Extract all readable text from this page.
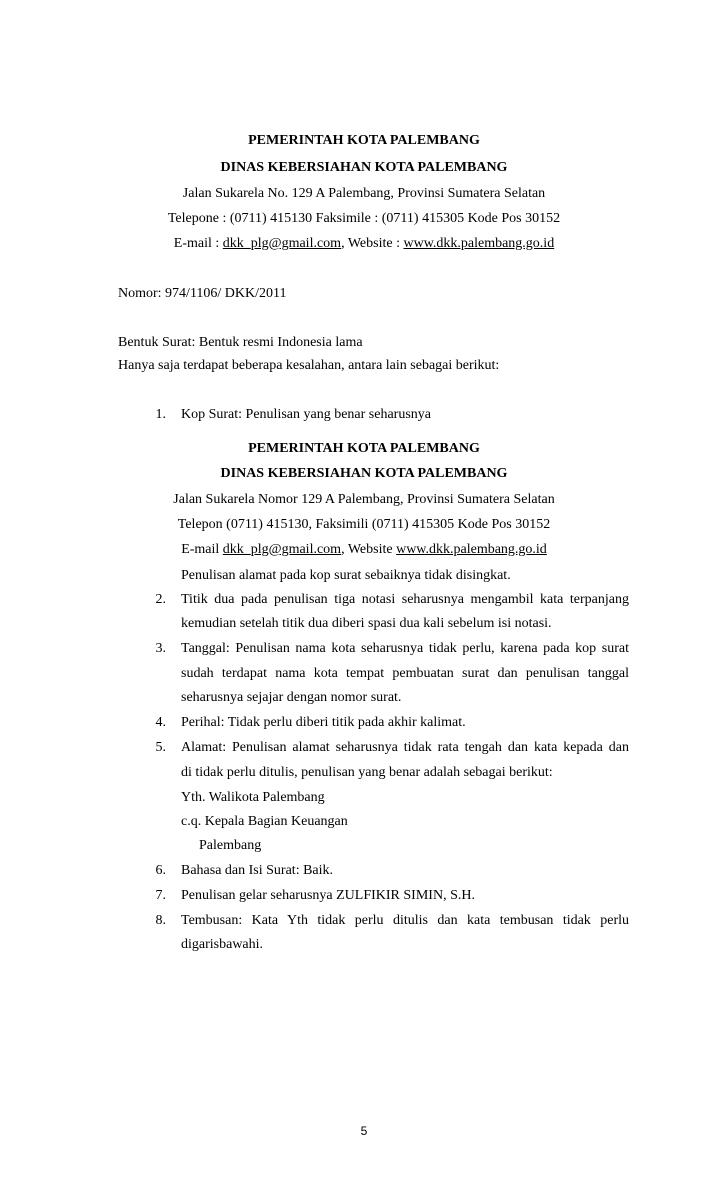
PEMERINTAH KOTA PALEMBANG
DINAS KEBERSIAHAN KOTA PALEMBANG
Jalan Sukarela No. 129 A Palembang, Provinsi Sumatera Selatan
Telepone : (0711) 415130 Faksimile : (0711) 415305 Kode Pos 30152
E-mail : dkk_plg@gmail.com, Website : www.dkk.palembang.go.id
Nomor: 974/1106/ DKK/2011
Bentuk Surat: Bentuk resmi Indonesia lama
Hanya saja terdapat beberapa kesalahan, antara lain sebagai berikut:
1. Kop Surat: Penulisan yang benar seharusnya
PEMERINTAH KOTA PALEMBANG
DINAS KEBERSIAHAN KOTA PALEMBANG
Jalan Sukarela Nomor 129 A Palembang, Provinsi Sumatera Selatan
Telepon (0711) 415130, Faksimili (0711) 415305 Kode Pos 30152
E-mail dkk_plg@gmail.com, Website www.dkk.palembang.go.id
Penulisan alamat pada kop surat sebaiknya tidak disingkat.
2. Titik dua pada penulisan tiga notasi seharusnya mengambil kata terpanjang
kemudian setelah titik dua diberi spasi dua kali sebelum isi notasi.
3. Tanggal: Penulisan nama kota seharusnya tidak perlu, karena pada kop surat
sudah terdapat nama kota tempat pembuatan surat dan penulisan tanggal
seharusnya sejajar dengan nomor surat.
4. Perihal: Tidak perlu diberi titik pada akhir kalimat.
5. Alamat: Penulisan alamat seharusnya tidak rata tengah dan kata kepada dan
di tidak perlu ditulis, penulisan yang benar adalah sebagai berikut:
Yth. Walikota Palembang
c.q. Kepala Bagian Keuangan
Palembang
6. Bahasa dan Isi Surat: Baik.
7. Penulisan gelar seharusnya ZULFIKIR SIMIN, S.H.
8. Tembusan: Kata Yth tidak perlu ditulis dan kata tembusan tidak perlu
digarisbawahi.
5
